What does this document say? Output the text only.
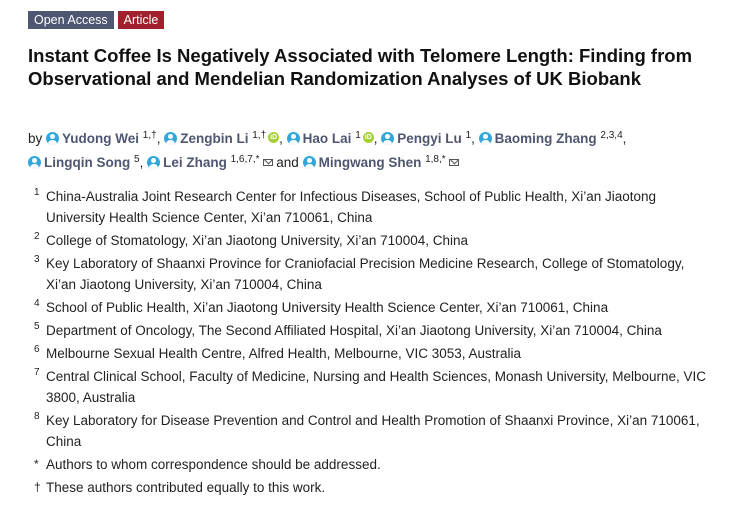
Open Access	Article
Instant Coffee Is Negatively Associated with Telomere Length: Finding from Observational and Mendelian Randomization Analyses of UK Biobank
by Yudong Wei $^{1,\dagger}$, Zengbin Li $^{1,\dagger}$ iD , Hao Lai $^1$ iD , Pengyi Lu $^1$, Baoming Zhang $^{2,3,4}$,
Lingqin Song $^5$, Lei Zhang $^{1,6,7,*}$ and Mingwang Shen $^{1,8,*}$
1 China-Australia Joint Research Center for Infectious Diseases, School of Public Health, Xi’an Jiaotong University Health Science Center, Xi’an 710061, China
2 College of Stomatology, Xi’an Jiaotong University, Xi’an 710004, China
3 Key Laboratory of Shaanxi Province for Craniofacial Precision Medicine Research, College of Stomatology, Xi’an Jiaotong University, Xi’an 710004, China
4 School of Public Health, Xi’an Jiaotong University Health Science Center, Xi’an 710061, China
5 Department of Oncology, The Second Affiliated Hospital, Xi’an Jiaotong University, Xi’an 710004, China
6 Melbourne Sexual Health Centre, Alfred Health, Melbourne, VIC 3053, Australia
7 Central Clinical School, Faculty of Medicine, Nursing and Health Sciences, Monash University, Melbourne, VIC 3800, Australia
8 Key Laboratory for Disease Prevention and Control and Health Promotion of Shaanxi Province, Xi’an 710061, China
* Authors to whom correspondence should be addressed.
† These authors contributed equally to this work.
